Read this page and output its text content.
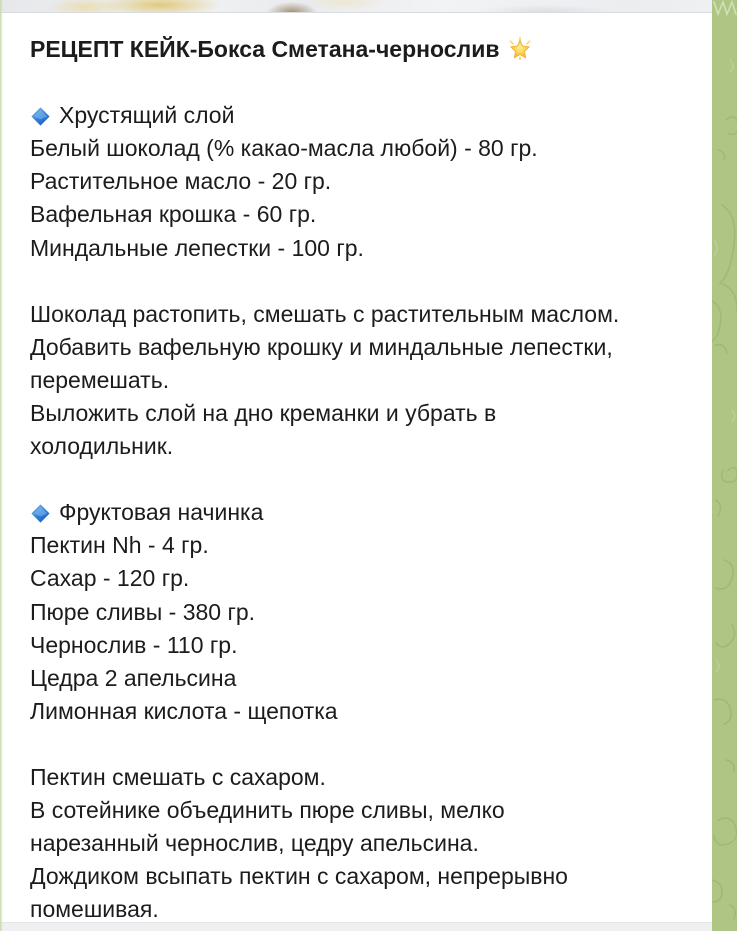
РЕЦЕПТ КЕЙК-Бокса Сметана-чернослив

Хрустящий слой
Белый шоколад (% какао-масла любой) - 80 гр.
Растительное масло - 20 гр.
Вафельная крошка - 60 гр.
Миндальные лепестки - 100 гр.

Шоколад растопить, смешать с растительным маслом.
Добавить вафельную крошку и миндальные лепестки,
перемешать.
Выложить слой на дно креманки и убрать в
холодильник.

Фруктовая начинка
Пектин Nh - 4 гр.
Сахар - 120 гр.
Пюре сливы - 380 гр.
Чернослив - 110 гр.
Цедра 2 апельсина
Лимонная кислота - щепотка

Пектин смешать с сахаром.
В сотейнике объединить пюре сливы, мелко
нарезанный чернослив, цедру апельсина.
Дождиком всыпать пектин с сахаром, непрерывно
помешивая.
